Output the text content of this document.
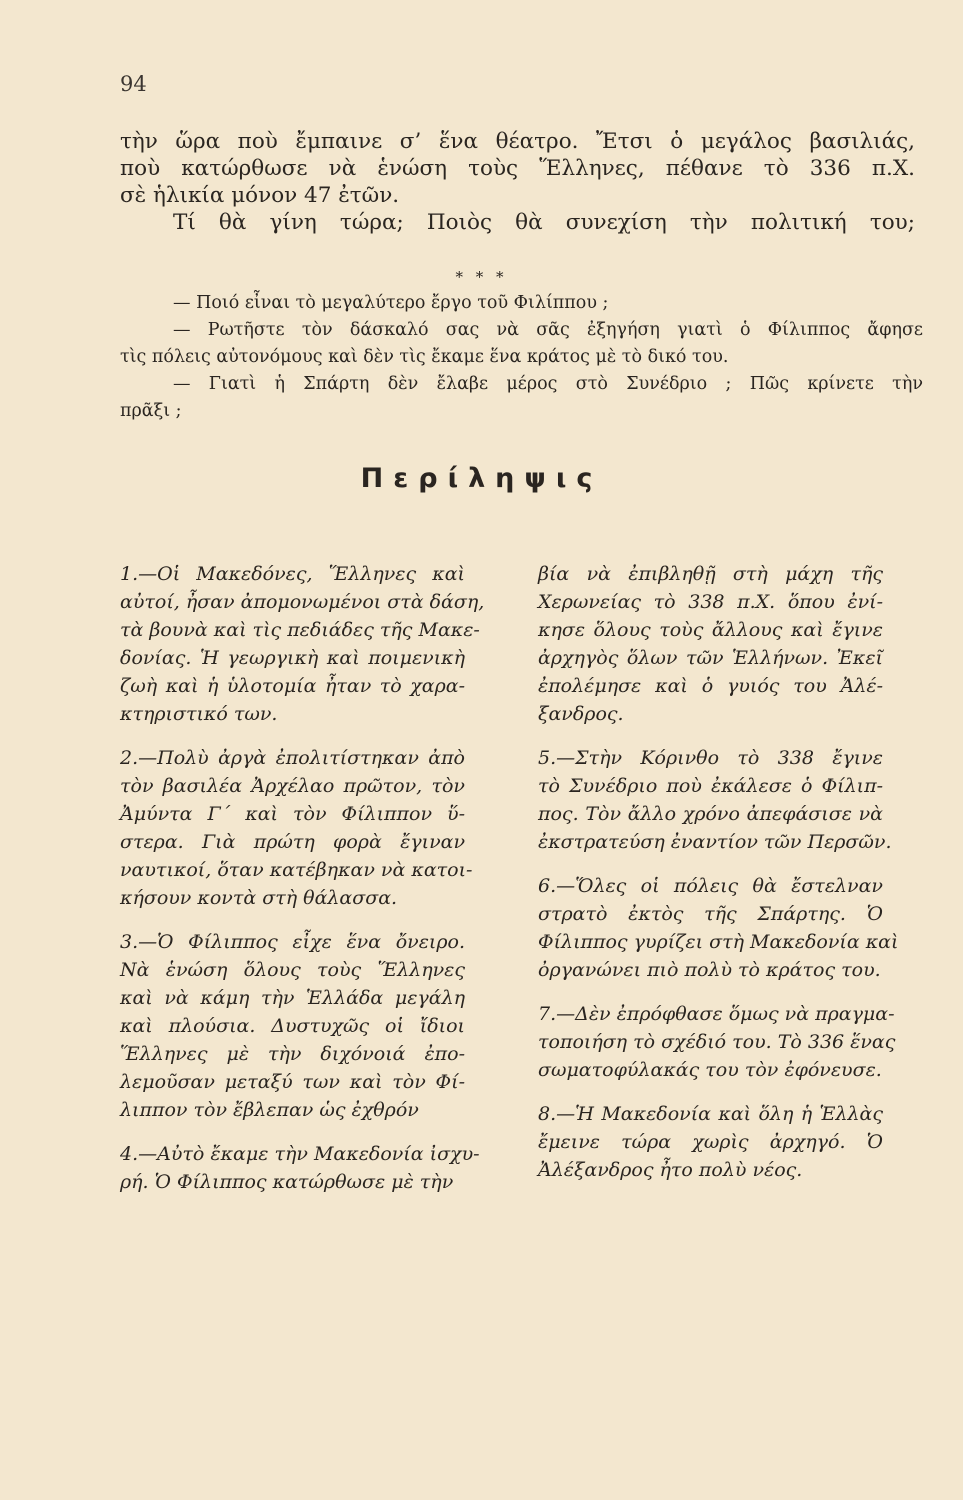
94

τὴν ὥρα ποὺ ἔμπαινε σ’ ἕνα θέατρο. Ἔτσι ὁ μεγάλος βασιλιάς,

ποὺ κατώρθωσε νὰ ἑνώση τοὺς Ἕλληνες, πέθανε τὸ 336 π.Χ.

σὲ ἡλικία μόνον 47 ἐτῶν.

Τί θὰ γίνη τώρα; Ποιὸς θὰ συνεχίση τὴν πολιτική του;

* * *

— Ποιό εἶναι τὸ μεγαλύτερο ἔργο τοῦ Φιλίππου ;

— Ρωτῆστε τὸν δάσκαλό σας νὰ σᾶς ἐξηγήση γιατὶ ὁ Φίλιππος ἄφησε

τὶς πόλεις αὐτονόμους καὶ δὲν τὶς ἔκαμε ἕνα κράτος μὲ τὸ δικό του.

— Γιατὶ ἡ Σπάρτη δὲν ἔλαβε μέρος στὸ Συνέδριο ; Πῶς κρίνετε τὴν

πρᾶξι ;

Περίληψις
1.—Οἱ Μακεδόνες, Ἕλληνες καὶ
αὐτοί, ἦσαν ἀπομονωμένοι στὰ δάση,
τὰ βουνὰ καὶ τὶς πεδιάδες τῆς Μακε-
δονίας. Ἡ γεωργικὴ καὶ ποιμενικὴ
ζωὴ καὶ ἡ ὑλοτομία ἦταν τὸ χαρα-
κτηριστικό των.
2.—Πολὺ ἀργὰ ἐπολιτίστηκαν ἀπὸ
τὸν βασιλέα Ἀρχέλαο πρῶτον, τὸν
Ἀμύντα Γ΄ καὶ τὸν Φίλιππον ὕ-
στερα. Γιὰ πρώτη φορὰ ἔγιναν
ναυτικοί, ὅταν κατέβηκαν νὰ κατοι-
κήσουν κοντὰ στὴ θάλασσα.
3.—Ὁ Φίλιππος εἶχε ἕνα ὄνειρο.
Νὰ ἑνώση ὅλους τοὺς Ἕλληνες
καὶ νὰ κάμη τὴν Ἑλλάδα μεγάλη
καὶ πλούσια. Δυστυχῶς οἱ ἴδιοι
Ἕλληνες μὲ τὴν διχόνοιά ἐπο-
λεμοῦσαν μεταξύ των καὶ τὸν Φί-
λιππον τὸν ἔβλεπαν ὡς ἐχθρόν
4.—Αὐτὸ ἔκαμε τὴν Μακεδονία ἰσχυ-
ρή. Ὁ Φίλιππος κατώρθωσε μὲ τὴν
βία νὰ ἐπιβληθῇ στὴ μάχη τῆς
Χερωνείας τὸ 338 π.Χ. ὅπου ἐνί-
κησε ὅλους τοὺς ἄλλους καὶ ἔγινε
ἀρχηγὸς ὅλων τῶν Ἑλλήνων. Ἐκεῖ
ἐπολέμησε καὶ ὁ γυιός του Ἀλέ-
ξανδρος.
5.—Στὴν Κόρινθο τὸ 338 ἔγινε
τὸ Συνέδριο ποὺ ἐκάλεσε ὁ Φίλιπ-
πος. Τὸν ἄλλο χρόνο ἀπεφάσισε νὰ
ἐκστρατεύση ἐναντίον τῶν Περσῶν.
6.—Ὅλες οἱ πόλεις θὰ ἔστελναν
στρατὸ ἐκτὸς τῆς Σπάρτης. Ὁ
Φίλιππος γυρίζει στὴ Μακεδονία καὶ
ὀργανώνει πιὸ πολὺ τὸ κράτος του.
7.—Δὲν ἐπρόφθασε ὅμως νὰ πραγμα-
τοποιήση τὸ σχέδιό του. Τὸ 336 ἕνας
σωματοφύλακάς του τὸν ἐφόνευσε.
8.—Ἡ Μακεδονία καὶ ὅλη ἡ Ἑλλὰς
ἔμεινε τώρα χωρὶς ἀρχηγό. Ὁ
Ἀλέξανδρος ἦτο πολὺ νέος.
